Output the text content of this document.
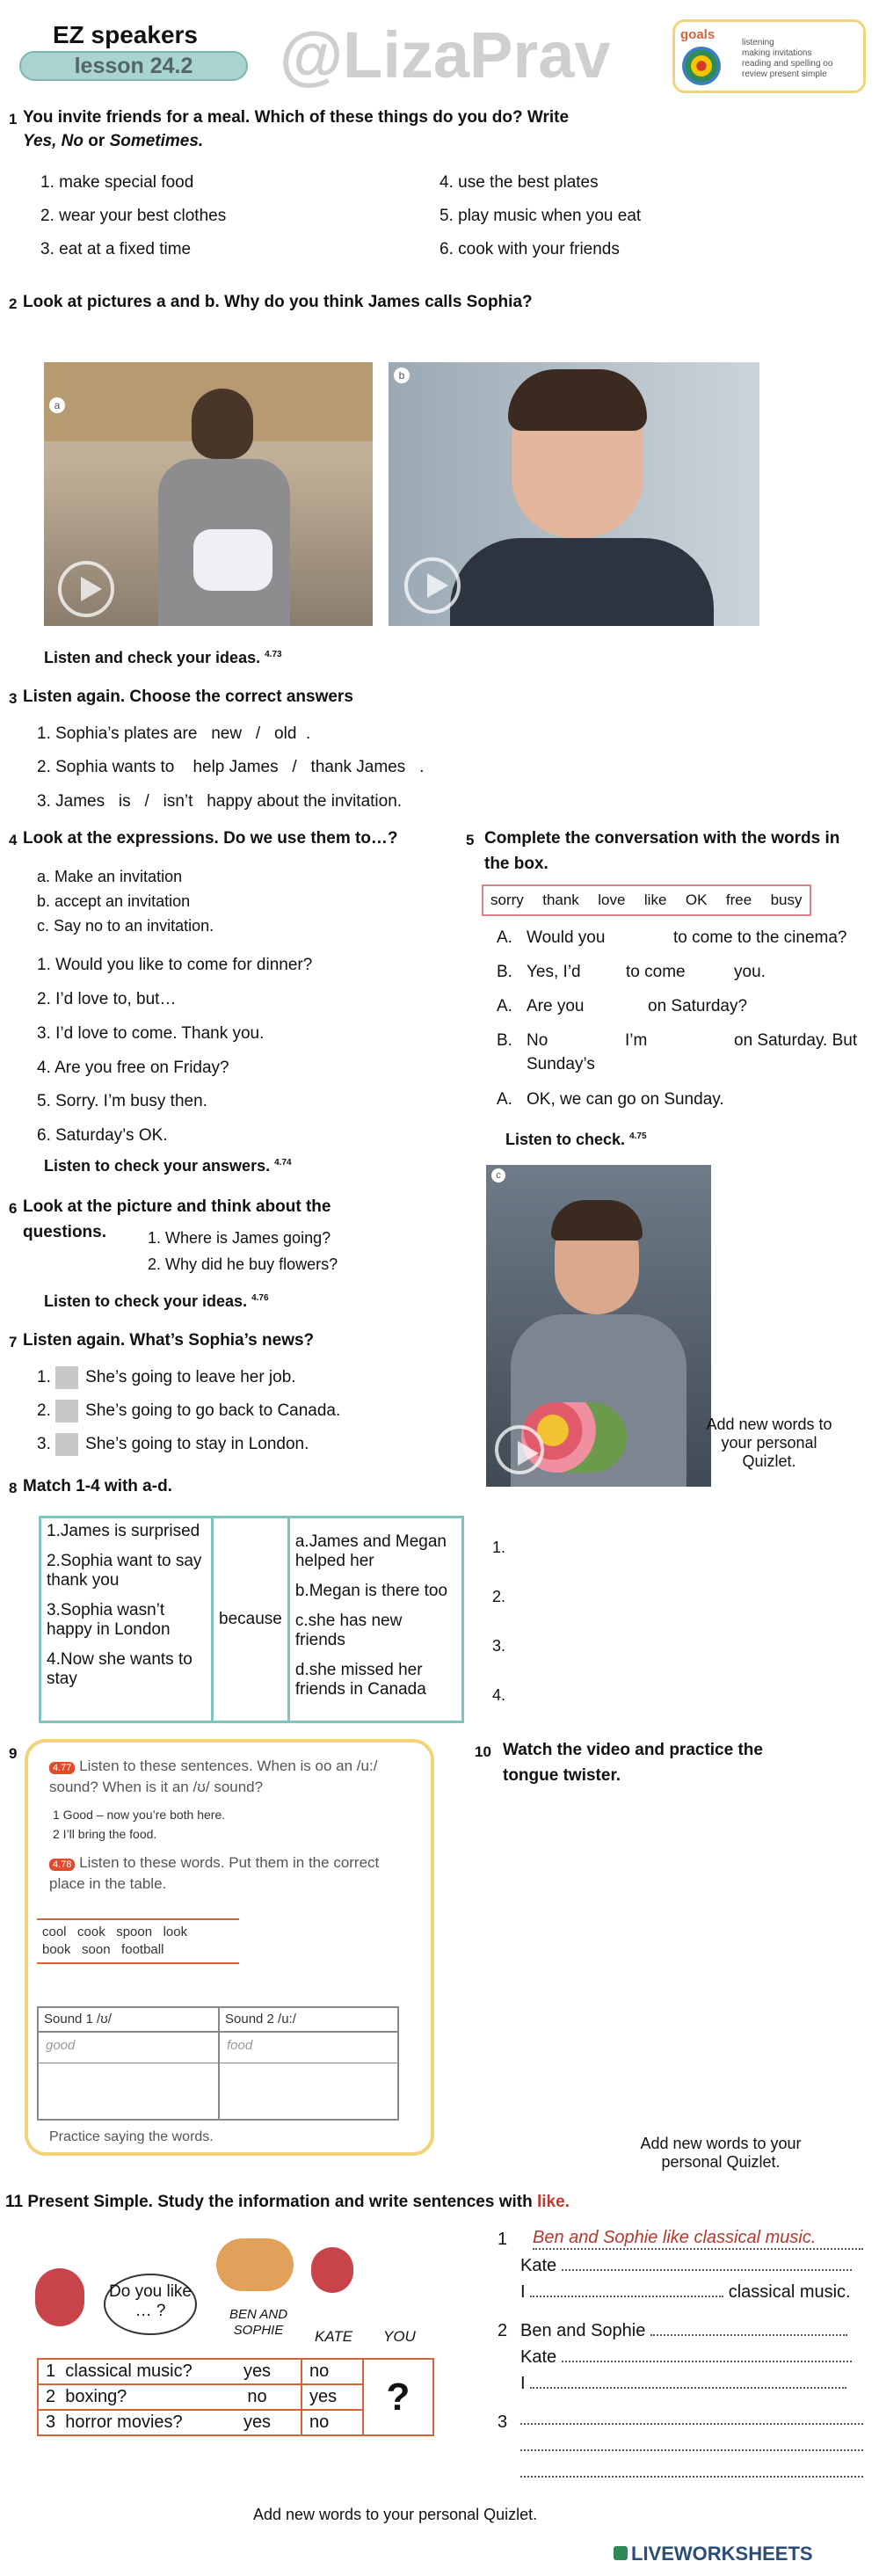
EZ speakers
lesson 24.2	@LizaPrav	goals
listening
making invitations
reading and spelling oo
review present simple
1 You invite friends for a meal. Which of these things do you do? Write
Yes, No or Sometimes.
1. make special food
2. wear your best clothes
3. eat at a fixed time
4. use the best plates
5. play music when you eat
6. cook with your friends
2 Look at pictures a and b. Why do you think James calls Sophia?
a
b
Listen and check your ideas. $^{4.73}$
3 Listen again. Choose the correct answers
1. Sophia’s plates are   new   /   old  .
2. Sophia wants to    help James   /   thank James   .
3. James   is   /   isn’t   happy about the invitation.
4 Look at the expressions. Do we use them to…?
a. Make an invitation
b. accept an invitation
c. Say no to an invitation.
1. Would you like to come for dinner?
2. I’d love to, but…
3. I’d love to come. Thank you.
4. Are you free on Friday?
5. Sorry. I’m busy then.
6. Saturday’s OK.
Listen to check your answers. $^{4.74}$
5 Complete the conversation with the words in
the box.
sorry  thank  love  like  OK  free  busy
A. Would you	to come to the cinema?
B. Yes, I’d	to come	you.
A. Are you	on Saturday?
B. No	I’m	on Saturday. But
Sunday’s
A. OK, we can go on Sunday.
Listen to check. $^{4.75}$
c
Add new words to your personal Quizlet.
6 Look at the picture and think about the
questions.	1. Where is James going?
2. Why did he buy flowers?
Listen to check your ideas. $^{4.76}$
7 Listen again. What’s Sophia’s news?
1. She’s going to leave her job.
2. She’s going to go back to Canada.
3. She’s going to stay in London.
8 Match 1-4 with a-d.
1.James is surprised
2.Sophia want to say thank you
3.Sophia wasn’t happy in London
4.Now she wants to stay
	because	
a.James and Megan helped her
b.Megan is there too
c.she has new friends
d.she missed her friends in Canada
1.
2.
3.
4.
9
4.77 Listen to these sentences. When is oo an /u:/ sound? When is it an /ʊ/ sound?
1 Good – now you’re both here.
2 I’ll bring the food.
4.78 Listen to these words. Put them in the correct place in the table.
cool   cook   spoon   look
book   soon   football
Sound 1 /ʊ/	Sound 2 /u:/
good	food
Practice saying the words.
10 Watch the video and practice the
tongue twister.
Add new words to your personal Quizlet.
11 Present Simple. Study the information and write sentences with like.
Do you like … ?	BEN AND SOPHIE	KATE YOU
1 classical music?	yes	no	?
2 boxing?	no	yes	
3 horror movies?	yes	no	
1 Ben and Sophie like classical music.
Kate
I	classical music.
2 Ben and Sophie
Kate
I
3
Add new words to your personal Quizlet.
LIVEWORKSHEETS
